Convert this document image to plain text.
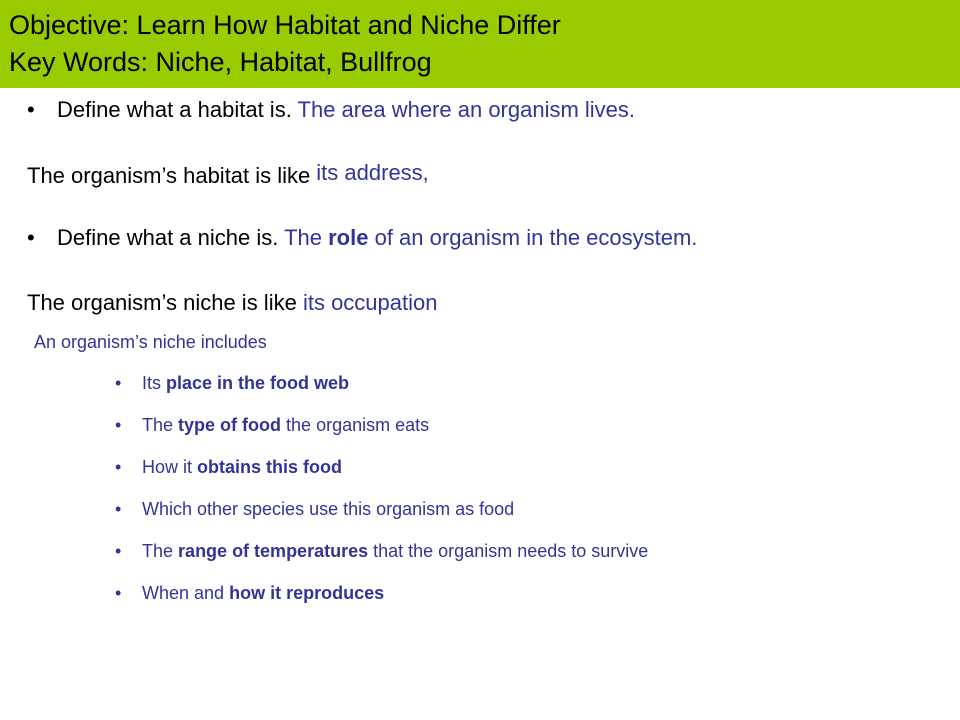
Objective: Learn How Habitat and Niche Differ
Key Words: Niche, Habitat, Bullfrog
• Define what a habitat is. The area where an organism lives.
The organism’s habitat is like its address,
• Define what a niche is. The role of an organism in the ecosystem.
The organism’s niche is like its occupation
An organism’s niche includes
• Its place in the food web
• The type of food the organism eats
• How it obtains this food
• Which other species use this organism as food
• The range of temperatures that the organism needs to survive
• When and how it reproduces
